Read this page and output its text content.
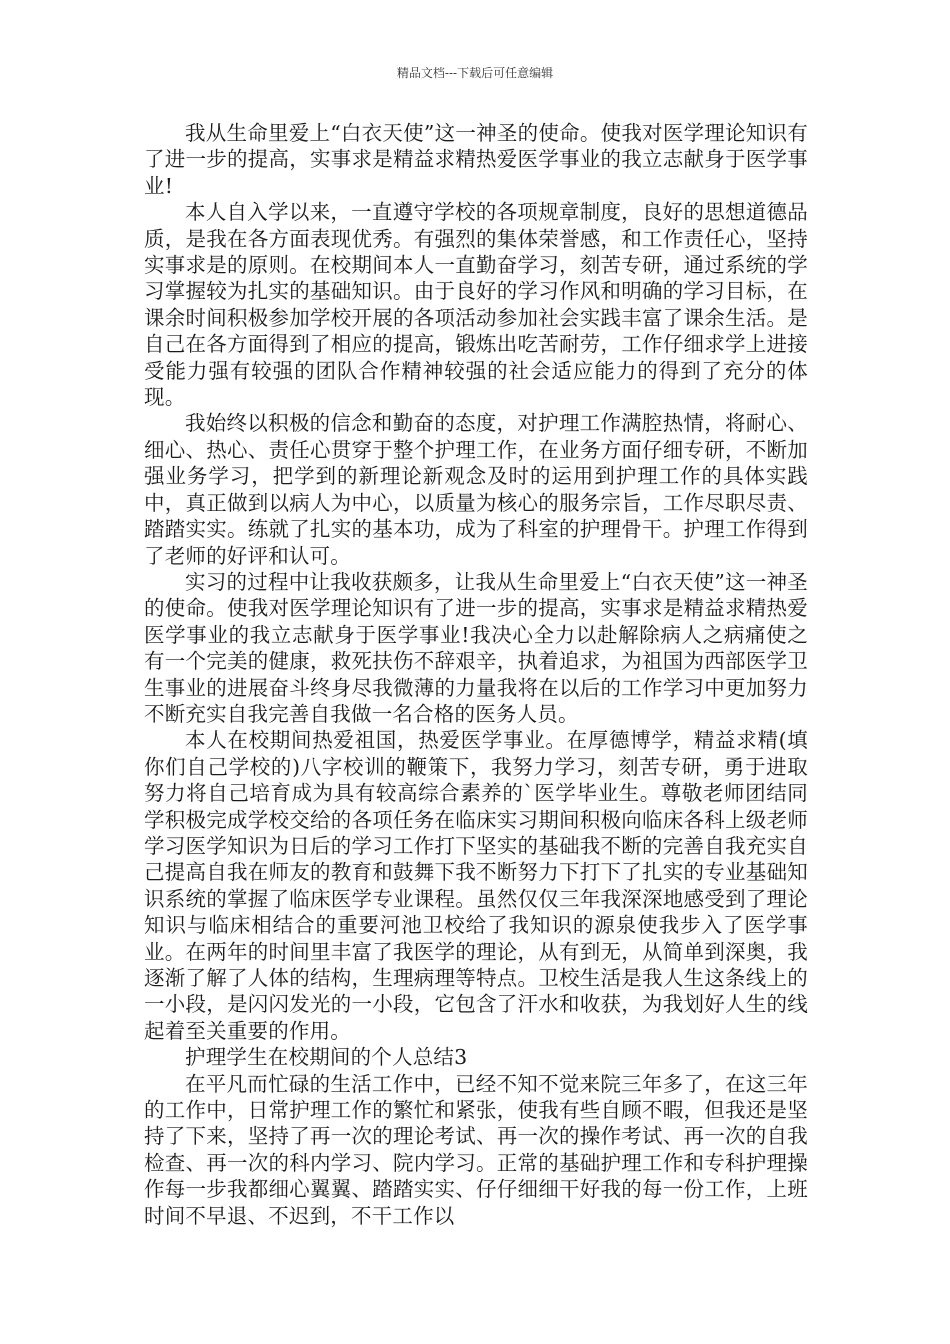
精品文档---下载后可任意编辑

我从生命里爱上“白衣天使”这一神圣的使命。使我对医学理论知识有了进一步的提高，实事求是精益求精热爱医学事业的我立志献身于医学事业!

本人自入学以来，一直遵守学校的各项规章制度，良好的思想道德品质，是我在各方面表现优秀。有强烈的集体荣誉感，和工作责任心，坚持实事求是的原则。在校期间本人一直勤奋学习，刻苦专研，通过系统的学习掌握较为扎实的基础知识。由于良好的学习作风和明确的学习目标，在课余时间积极参加学校开展的各项活动参加社会实践丰富了课余生活。是自己在各方面得到了相应的提高，锻炼出吃苦耐劳，工作仔细求学上进接受能力强有较强的团队合作精神较强的社会适应能力的得到了充分的体现。

我始终以积极的信念和勤奋的态度，对护理工作满腔热情，将耐心、细心、热心、责任心贯穿于整个护理工作，在业务方面仔细专研，不断加强业务学习，把学到的新理论新观念及时的运用到护理工作的具体实践中，真正做到以病人为中心，以质量为核心的服务宗旨，工作尽职尽责、踏踏实实。练就了扎实的基本功，成为了科室的护理骨干。护理工作得到了老师的好评和认可。

实习的过程中让我收获颇多，让我从生命里爱上“白衣天使”这一神圣的使命。使我对医学理论知识有了进一步的提高，实事求是精益求精热爱医学事业的我立志献身于医学事业!我决心全力以赴解除病人之病痛使之有一个完美的健康，救死扶伤不辞艰辛，执着追求，为祖国为西部医学卫生事业的进展奋斗终身尽我微薄的力量我将在以后的工作学习中更加努力不断充实自我完善自我做一名合格的医务人员。

本人在校期间热爱祖国，热爱医学事业。在厚德博学，精益求精(填你们自己学校的)八字校训的鞭策下，我努力学习，刻苦专研，勇于进取努力将自己培育成为具有较高综合素养的`医学毕业生。尊敬老师团结同学积极完成学校交给的各项任务在临床实习期间积极向临床各科上级老师学习医学知识为日后的学习工作打下坚实的基础我不断的完善自我充实自己提高自我在师友的教育和鼓舞下我不断努力下打下了扎实的专业基础知识系统的掌握了临床医学专业课程。虽然仅仅三年我深深地感受到了理论知识与临床相结合的重要河池卫校给了我知识的源泉使我步入了医学事业。在两年的时间里丰富了我医学的理论，从有到无，从简单到深奥，我逐渐了解了人体的结构，生理病理等特点。卫校生活是我人生这条线上的一小段，是闪闪发光的一小段，它包含了汗水和收获，为我划好人生的线起着至关重要的作用。

护理学生在校期间的个人总结3

在平凡而忙碌的生活工作中，已经不知不觉来院三年多了，在这三年的工作中，日常护理工作的繁忙和紧张，使我有些自顾不暇，但我还是坚持了下来，坚持了再一次的理论考试、再一次的操作考试、再一次的自我检查、再一次的科内学习、院内学习。正常的基础护理工作和专科护理操作每一步我都细心翼翼、踏踏实实、仔仔细细干好我的每一份工作，上班时间不早退、不迟到，不干工作以
